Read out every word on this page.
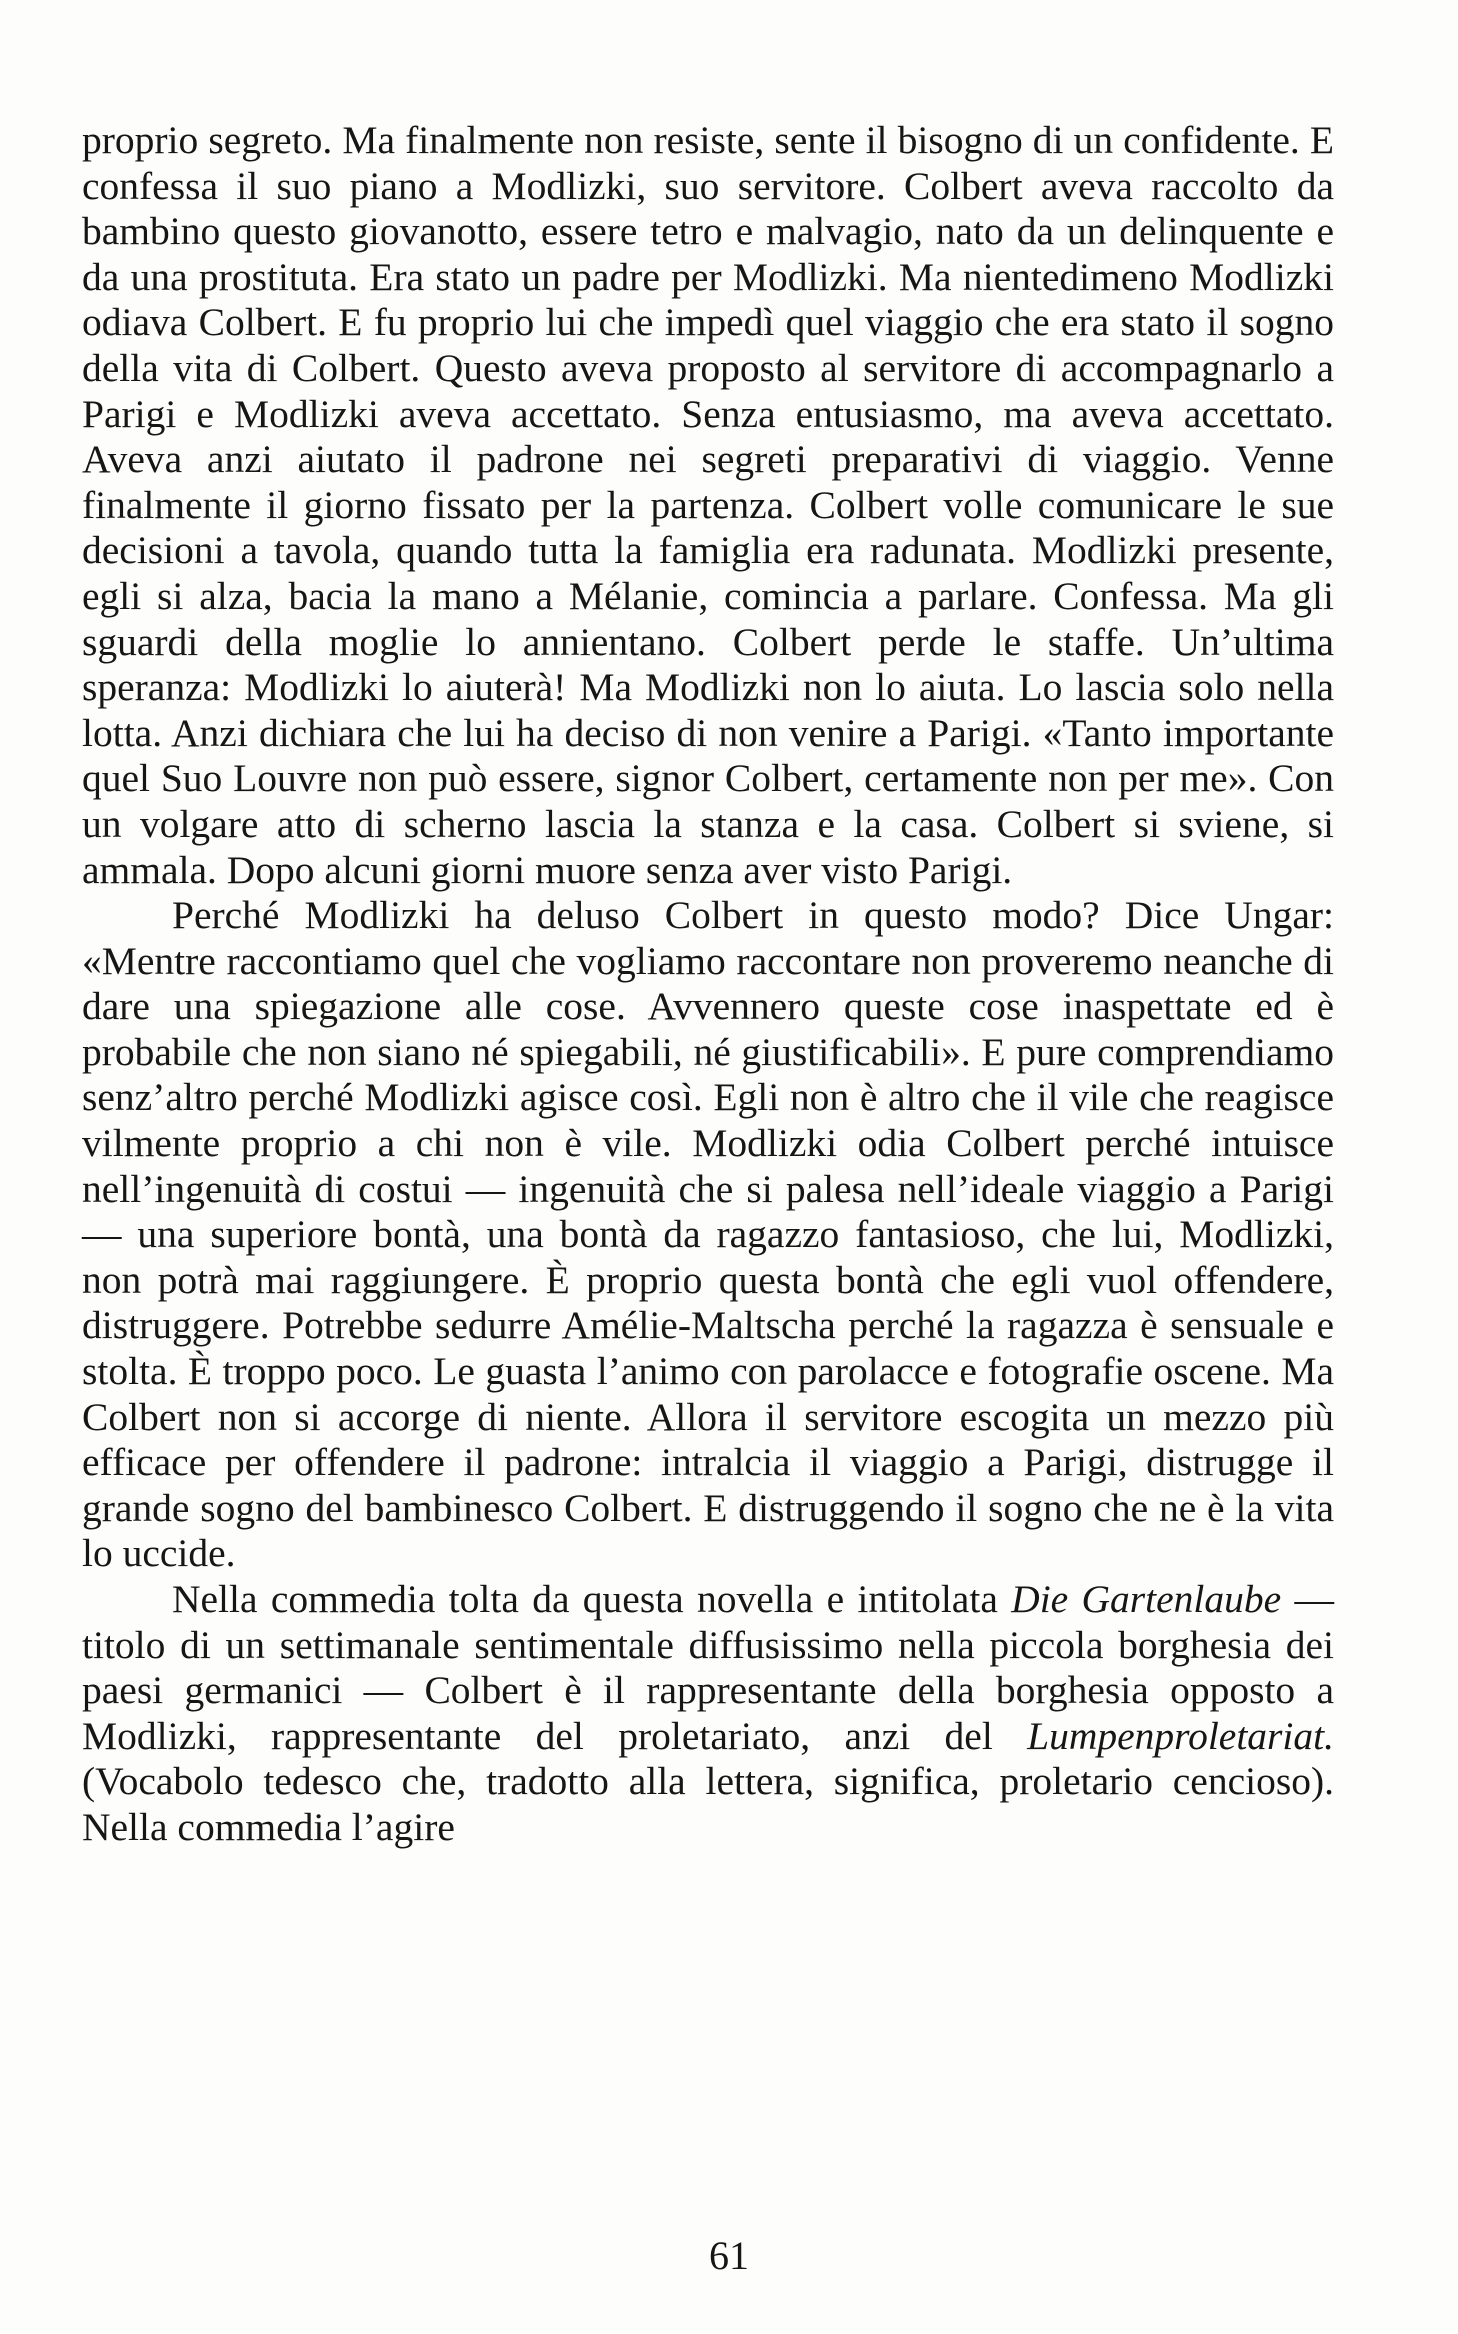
proprio segreto. Ma finalmente non resiste, sente il bisogno di un confidente. E confessa il suo piano a Modlizki, suo servitore. Colbert aveva raccolto da bambino questo giovanotto, essere tetro e malvagio, nato da un delinquente e da una prostituta. Era stato un padre per Modlizki. Ma nientedimeno Modlizki odiava Colbert. E fu proprio lui che impedì quel viaggio che era stato il sogno della vita di Colbert. Questo aveva proposto al servitore di accompagnarlo a Parigi e Modlizki aveva accettato. Senza entusiasmo, ma aveva accettato. Aveva anzi aiutato il padrone nei segreti preparativi di viaggio. Venne finalmente il giorno fissato per la partenza. Colbert volle comunicare le sue decisioni a tavola, quando tutta la famiglia era radunata. Modlizki presente, egli si alza, bacia la mano a Mélanie, comincia a parlare. Confessa. Ma gli sguardi della moglie lo annientano. Colbert perde le staffe. Un’ultima speranza: Modlizki lo aiuterà! Ma Modlizki non lo aiuta. Lo lascia solo nella lotta. Anzi dichiara che lui ha deciso di non venire a Parigi. «Tanto importante quel Suo Louvre non può essere, signor Colbert, certamente non per me». Con un volgare atto di scherno lascia la stanza e la casa. Colbert si sviene, si ammala. Dopo alcuni giorni muore senza aver visto Parigi.

Perché Modlizki ha deluso Colbert in questo modo? Dice Ungar: «Mentre raccontiamo quel che vogliamo raccontare non proveremo neanche di dare una spiegazione alle cose. Avvennero queste cose inaspettate ed è probabile che non siano né spiegabili, né giustificabili». E pure comprendiamo senz’altro perché Modlizki agisce così. Egli non è altro che il vile che reagisce vilmente proprio a chi non è vile. Modlizki odia Colbert perché intuisce nell’ingenuità di costui — ingenuità che si palesa nell’ideale viaggio a Parigi — una superiore bontà, una bontà da ragazzo fantasioso, che lui, Modlizki, non potrà mai raggiungere. È proprio questa bontà che egli vuol offendere, distruggere. Potrebbe sedurre Amélie-Maltscha perché la ragazza è sensuale e stolta. È troppo poco. Le guasta l’animo con parolacce e fotografie oscene. Ma Colbert non si accorge di niente. Allora il servitore escogita un mezzo più efficace per offendere il padrone: intralcia il viaggio a Parigi, distrugge il grande sogno del bambinesco Colbert. E distruggendo il sogno che ne è la vita lo uccide.

Nella commedia tolta da questa novella e intitolata Die Gartenlaube — titolo di un settimanale sentimentale diffusissimo nella piccola borghesia dei paesi germanici — Colbert è il rappresentante della borghesia opposto a Modlizki, rappresentante del proletariato, anzi del Lumpenproletariat. (Vocabolo tedesco che, tradotto alla lettera, significa, proletario cencioso). Nella commedia l’agire

61
